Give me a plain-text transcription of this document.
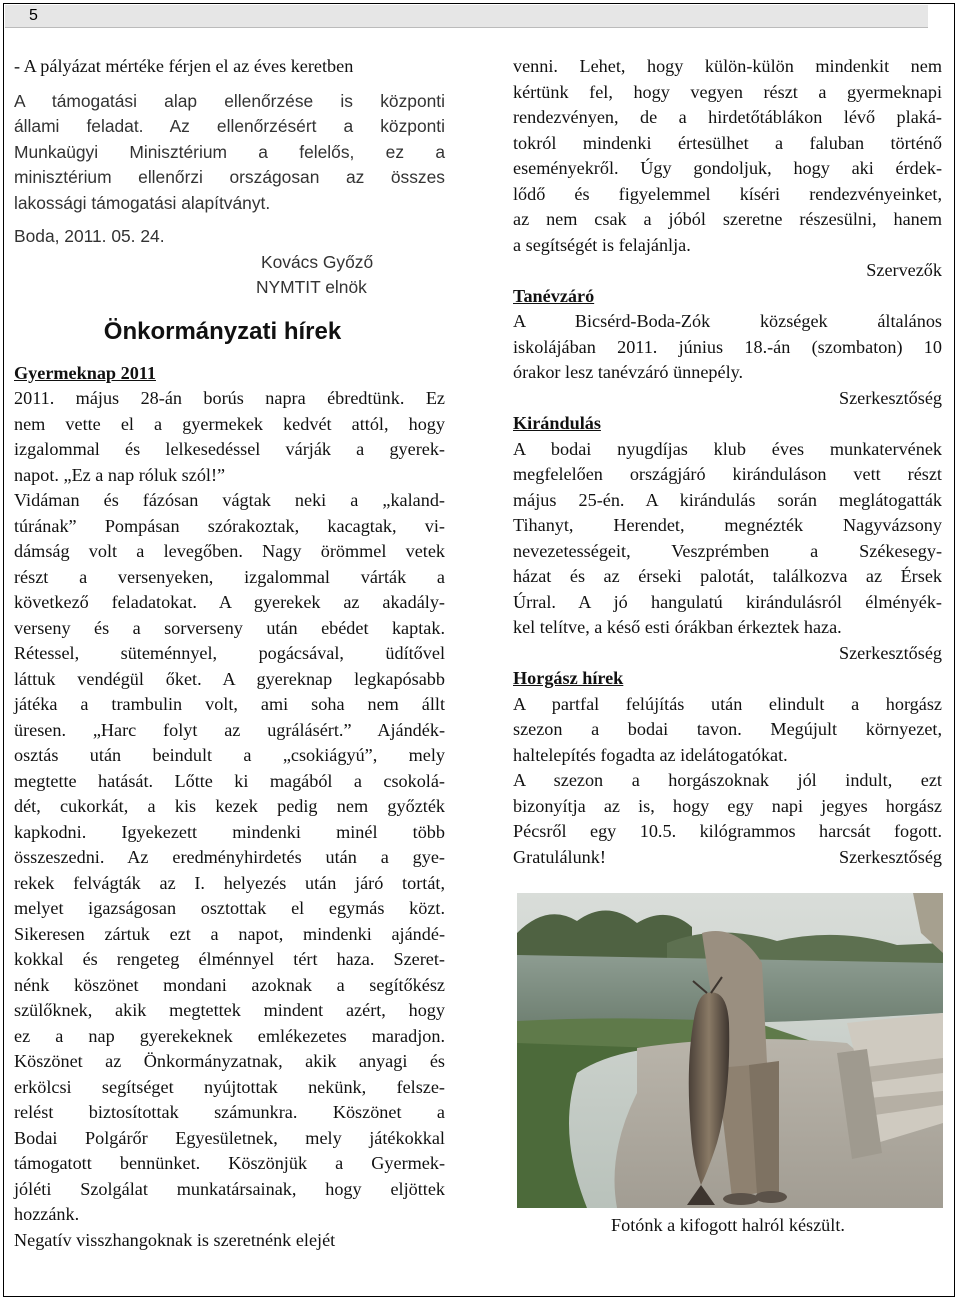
5

- A pályázat mértéke férjen el az éves keretben

A támogatási alap ellenőrzése is központi

állami feladat. Az ellenőrzésért a központi

Munkaügyi Minisztérium a felelős, ez a

minisztérium ellenőrzi országosan az összes

lakossági támogatási alapítványt.

Boda, 2011. 05. 24.

Kovács Győző

NYMTIT elnök

Önkormányzati hírek

Gyermeknap 2011

2011. május 28-án borús napra ébredtünk. Ez

nem vette el a gyermekek kedvét attól, hogy

izgalommal és lelkesedéssel várják a gyerek-

napot. „Ez a nap róluk szól!”

Vidáman és fázósan vágtak neki a „kaland-

túrának” Pompásan szórakoztak, kacagtak, vi-

dámság volt a levegőben. Nagy örömmel vetek

részt a versenyeken, izgalommal várták a

következő feladatokat. A gyerekek az akadály-

verseny és a sorverseny után ebédet kaptak.

Rétessel, süteménnyel, pogácsával, üdítővel

láttuk vendégül őket. A gyereknap legkapósabb

játéka a trambulin volt, ami soha nem állt

üresen. „Harc folyt az ugrálásért.” Ajándék-

osztás után beindult a „csokiágyú”, mely

megtette hatását. Lőtte ki magából a csokolá-

dét, cukorkát, a kis kezek pedig nem győzték

kapkodni. Igyekezett mindenki minél több

összeszedni. Az eredményhirdetés után a gye-

rekek felvágták az I. helyezés után járó tortát,

melyet igazságosan osztottak el egymás közt.

Sikeresen zártuk ezt a napot, mindenki ajándé-

kokkal és rengeteg élménnyel tért haza. Szeret-

nénk köszönet mondani azoknak a segítőkész

szülőknek, akik megtettek mindent azért, hogy

ez a nap gyerekeknek emlékezetes maradjon.

Köszönet az Önkormányzatnak, akik anyagi és

erkölcsi segítséget nyújtottak nekünk, felsze-

relést biztosítottak számunkra. Köszönet a

Bodai Polgárőr Egyesületnek, mely játékokkal

támogatott bennünket. Köszönjük a Gyermek-

jóléti Szolgálat munkatársainak, hogy eljöttek

hozzánk.

Negatív visszhangoknak is szeretnénk elejét

venni. Lehet, hogy külön-külön mindenkit nem

kértünk fel, hogy vegyen részt a gyermeknapi

rendezvényen, de a hirdetőtáblákon lévő plaká-

tokról mindenki értesülhet a faluban történő

eseményekről. Úgy gondoljuk, hogy aki érdek-

lődő és figyelemmel kíséri rendezvényeinket,

az nem csak a jóból szeretne részesülni, hanem

a segítségét is felajánlja.

Szervezők

Tanévzáró

A Bicsérd-Boda-Zók községek általános

iskolájában 2011. június 18.-án (szombaton) 10

órakor lesz tanévzáró ünnepély.

Szerkesztőség

Kirándulás

A bodai nyugdíjas klub éves munkatervének

megfelelően országjáró kiránduláson vett részt

május 25-én. A kirándulás során meglátogatták

Tihanyt, Herendet, megnézték Nagyvázsony

nevezetességeit, Veszprémben a Székesegy-

házat és az érseki palotát, találkozva az Érsek

Úrral. A jó hangulatú kirándulásról élményék-

kel telítve, a késő esti órákban érkeztek haza.

Szerkesztőség

Horgász hírek

A partfal felújítás után elindult a horgász

szezon a bodai tavon. Megújult környezet,

haltelepítés fogadta az idelátogatókat.

A szezon a horgászoknak jól indult, ezt

bizonyítja az is, hogy egy napi jegyes horgász

Pécsről egy 10.5. kilógrammos harcsát fogott.

Gratulálunk!	Szerkesztőség

Fotónk a kifogott halról készült.
